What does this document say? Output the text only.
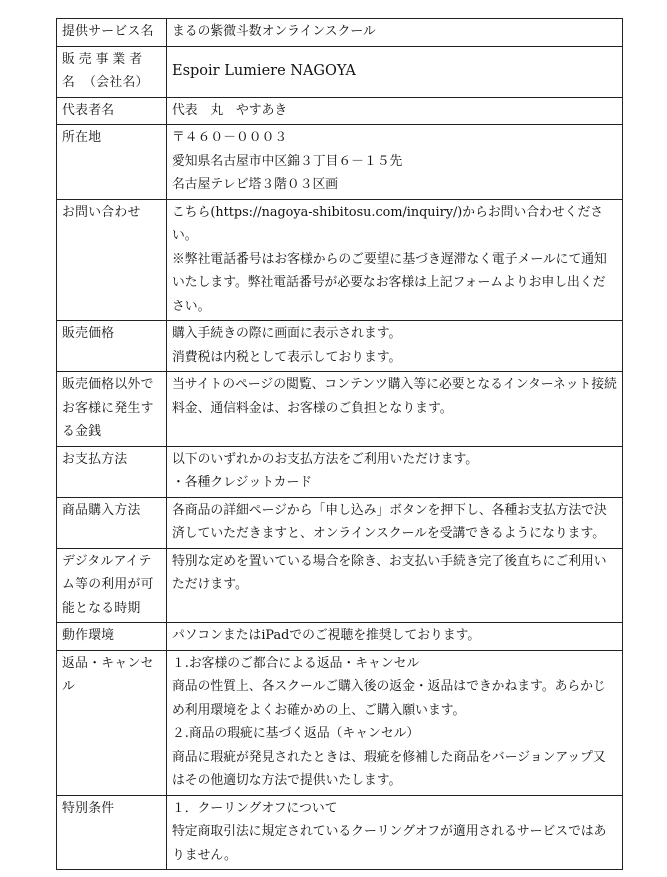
提供サービス名	まるの紫微斗数オンラインスクール

販売事業者名 （会社名）	Espoir Lumiere NAGOYA

代表者名	代表　丸　やすあき

所在地	〒４６０－０００３
愛知県名古屋市中区錦３丁目６－１５先
名古屋テレビ塔３階０３区画

お問い合わせ	こちら(https://nagoya-shibitosu.com/inquiry/)からお問い合わせください。
※弊社電話番号はお客様からのご要望に基づき遅滞なく電子メールにて通知いたします。弊社電話番号が必要なお客様は上記フォームよりお申し出ください。

販売価格	購入手続きの際に画面に表示されます。
消費税は内税として表示しております。

販売価格以外でお客様に発生する金銭	当サイトのページの閲覧、コンテンツ購入等に必要となるインターネット接続料金、通信料金は、お客様のご負担となります。

お支払方法	以下のいずれかのお支払方法をご利用いただけます。
・各種クレジットカード

商品購入方法	各商品の詳細ページから「申し込み」ボタンを押下し、各種お支払方法で決済していただきますと、オンラインスクールを受講できるようになります。

デジタルアイテム等の利用が可能となる時期	特別な定めを置いている場合を除き、お支払い手続き完了後直ちにご利用いただけます。

動作環境	パソコンまたはiPadでのご視聴を推奨しております。

返品・キャンセル	１.お客様のご都合による返品・キャンセル
商品の性質上、各スクールご購入後の返金・返品はできかねます。あらかじめ利用環境をよくお確かめの上、ご購入願います。
２.商品の瑕疵に基づく返品（キャンセル）
商品に瑕疵が発見されたときは、瑕疵を修補した商品をバージョンアップ又はその他適切な方法で提供いたします。

特別条件	１．クーリングオフについて
特定商取引法に規定されているクーリングオフが適用されるサービスではありません。
